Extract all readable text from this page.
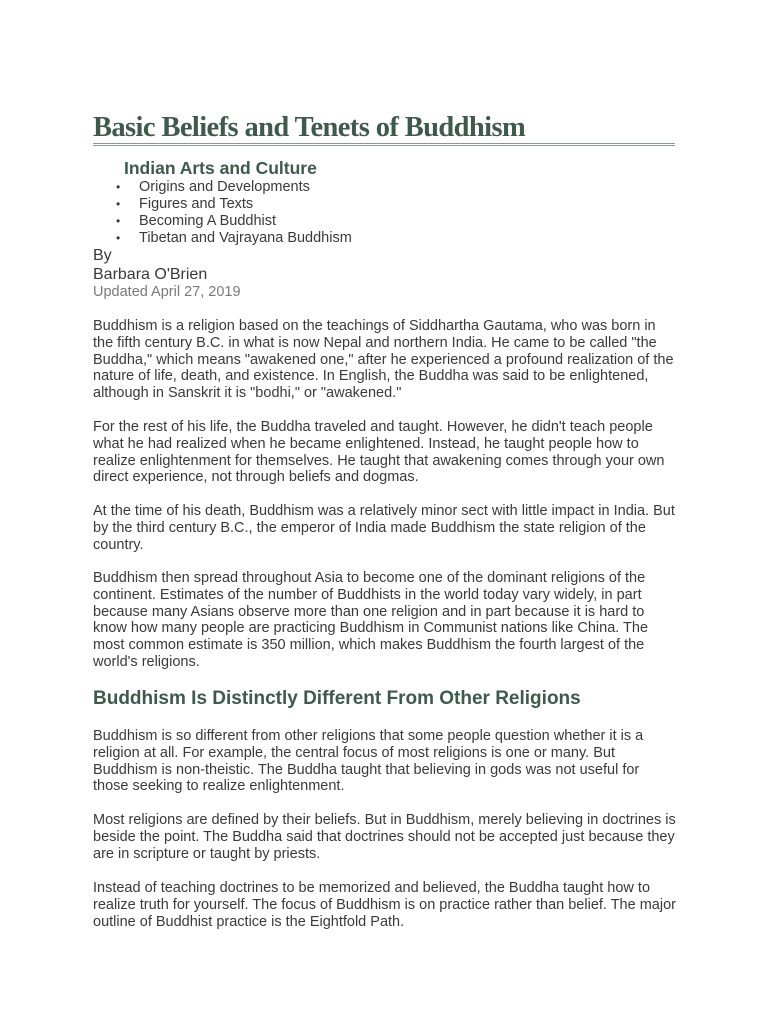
Basic Beliefs and Tenets of Buddhism
Indian Arts and Culture
• Origins and Developments
• Figures and Texts
• Becoming A Buddhist
• Tibetan and Vajrayana Buddhism
By
Barbara O'Brien
Updated April 27, 2019

Buddhism is a religion based on the teachings of Siddhartha Gautama, who was born in the fifth century B.C. in what is now Nepal and northern India. He came to be called "the Buddha," which means "awakened one," after he experienced a profound realization of the nature of life, death, and existence. In English, the Buddha was said to be enlightened, although in Sanskrit it is "bodhi," or "awakened."

For the rest of his life, the Buddha traveled and taught. However, he didn't teach people what he had realized when he became enlightened. Instead, he taught people how to realize enlightenment for themselves. He taught that awakening comes through your own direct experience, not through beliefs and dogmas.

At the time of his death, Buddhism was a relatively minor sect with little impact in India. But by the third century B.C., the emperor of India made Buddhism the state religion of the country.

Buddhism then spread throughout Asia to become one of the dominant religions of the continent. Estimates of the number of Buddhists in the world today vary widely, in part because many Asians observe more than one religion and in part because it is hard to know how many people are practicing Buddhism in Communist nations like China. The most common estimate is 350 million, which makes Buddhism the fourth largest of the world's religions.

Buddhism Is Distinctly Different From Other Religions

Buddhism is so different from other religions that some people question whether it is a religion at all. For example, the central focus of most religions is one or many. But Buddhism is non-theistic. The Buddha taught that believing in gods was not useful for those seeking to realize enlightenment.

Most religions are defined by their beliefs. But in Buddhism, merely believing in doctrines is beside the point. The Buddha said that doctrines should not be accepted just because they are in scripture or taught by priests.

Instead of teaching doctrines to be memorized and believed, the Buddha taught how to realize truth for yourself. The focus of Buddhism is on practice rather than belief. The major outline of Buddhist practice is the Eightfold Path.
